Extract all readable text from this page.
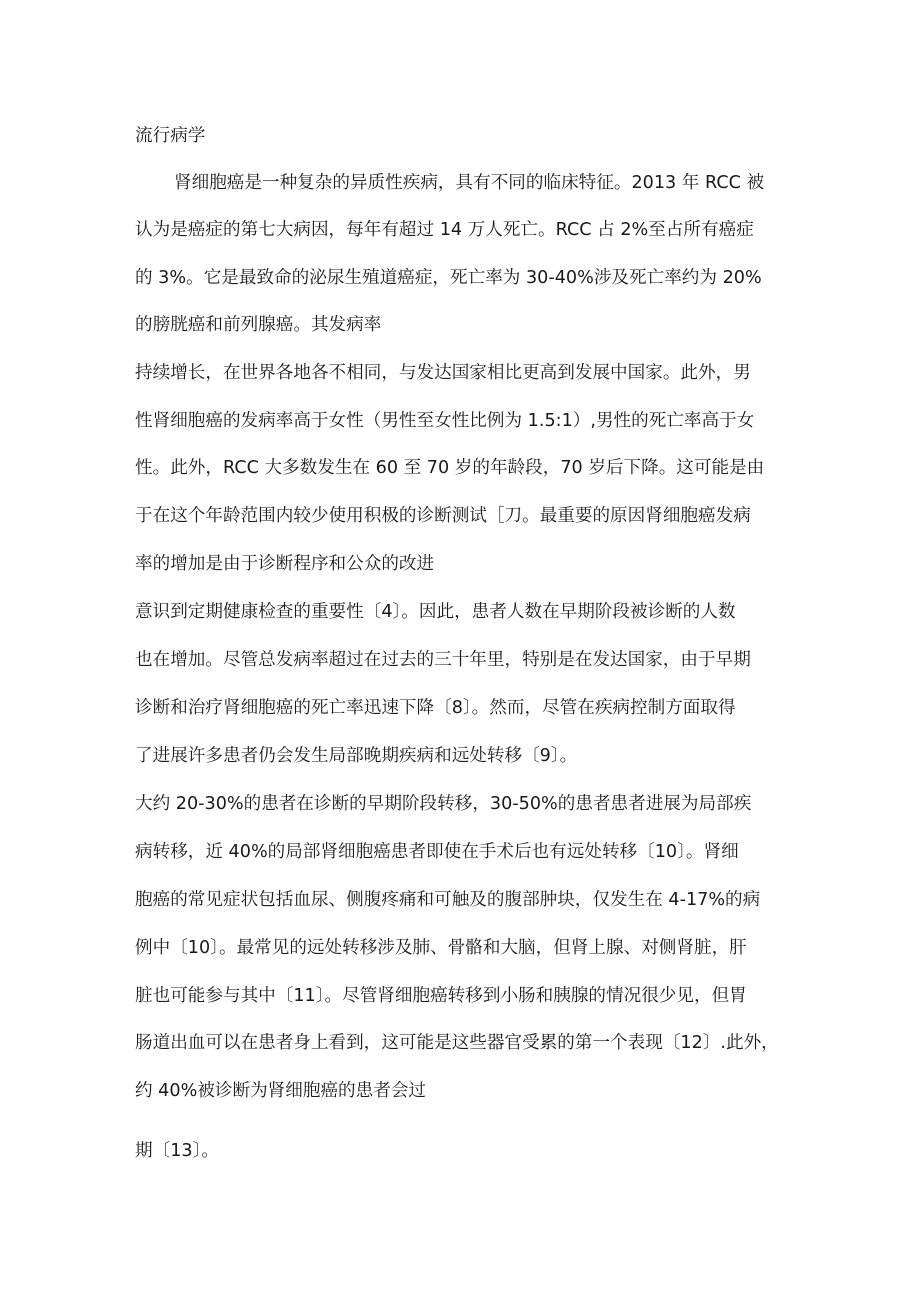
流行病学

肾细胞癌是一种复杂的异质性疾病，具有不同的临床特征。2013 年 RCC 被

认为是癌症的第七大病因，每年有超过 14 万人死亡。RCC 占 2%至占所有癌症

的 3%。它是最致命的泌尿生殖道癌症，死亡率为 30-40%涉及死亡率约为 20%

的膀胱癌和前列腺癌。其发病率

持续增长，在世界各地各不相同，与发达国家相比更高到发展中国家。此外，男

性肾细胞癌的发病率高于女性（男性至女性比例为 1.5:1）,男性的死亡率高于女

性。此外，RCC 大多数发生在 60 至 70 岁的年龄段，70 岁后下降。这可能是由

于在这个年龄范围内较少使用积极的诊断测试［刀。最重要的原因肾细胞癌发病

率的增加是由于诊断程序和公众的改进

意识到定期健康检查的重要性〔4〕。因此，患者人数在早期阶段被诊断的人数

也在增加。尽管总发病率超过在过去的三十年里，特别是在发达国家，由于早期

诊断和治疗肾细胞癌的死亡率迅速下降〔8〕。然而，尽管在疾病控制方面取得

了进展许多患者仍会发生局部晚期疾病和远处转移〔9〕。

大约 20-30%的患者在诊断的早期阶段转移，30-50%的患者患者进展为局部疾

病转移，近 40%的局部肾细胞癌患者即使在手术后也有远处转移〔10〕。肾细

胞癌的常见症状包括血尿、侧腹疼痛和可触及的腹部肿块，仅发生在 4-17%的病

例中〔10〕。最常见的远处转移涉及肺、骨骼和大脑，但肾上腺、对侧肾脏，肝

脏也可能参与其中〔11〕。尽管肾细胞癌转移到小肠和胰腺的情况很少见，但胃

肠道出血可以在患者身上看到，这可能是这些器官受累的第一个表现〔12〕.此外，

约 40%被诊断为肾细胞癌的患者会过

期〔13〕。
